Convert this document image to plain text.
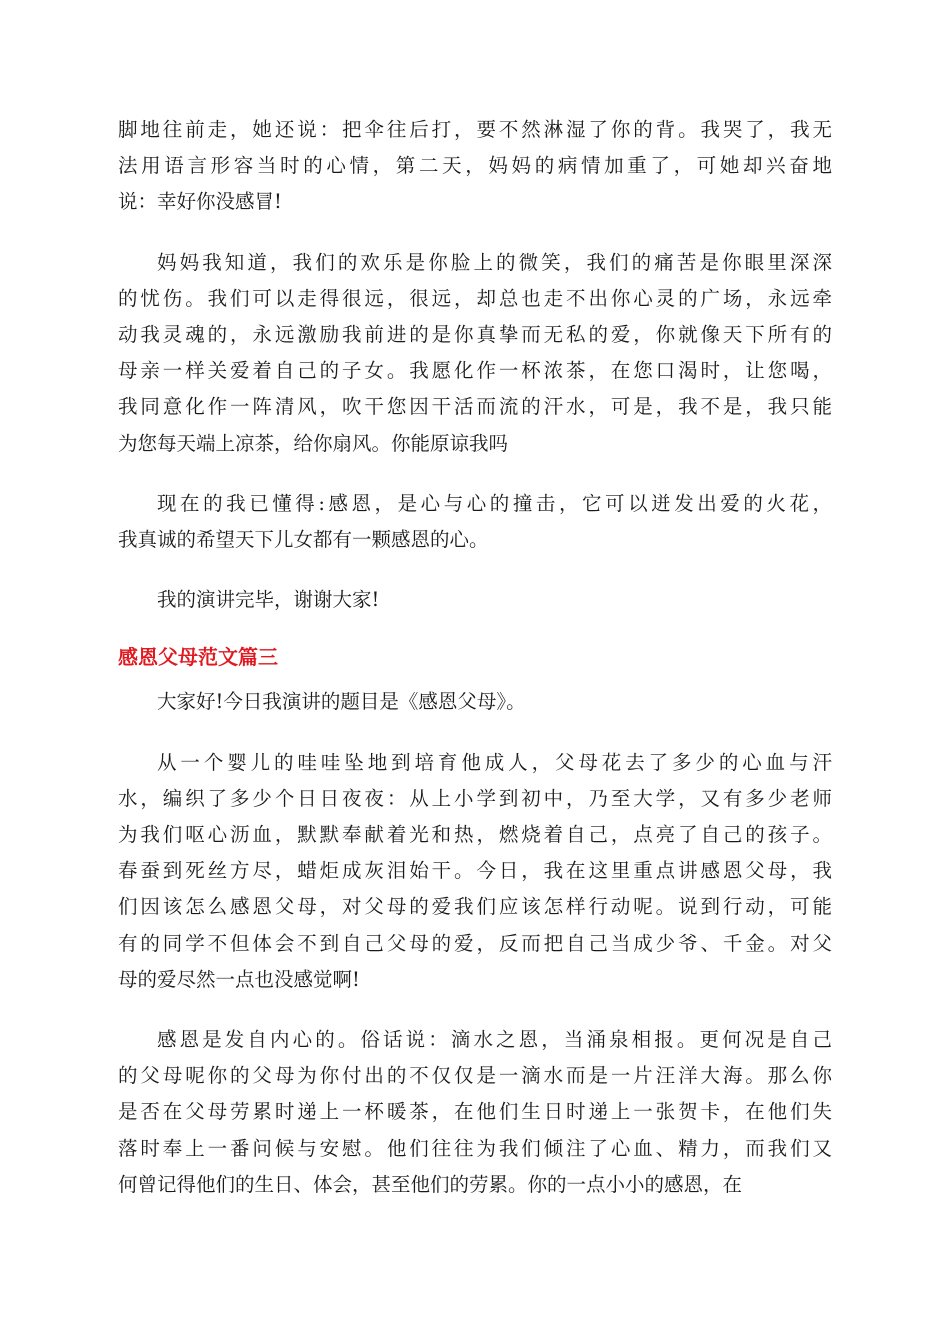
脚地往前走，她还说：把伞往后打，要不然淋湿了你的背。我哭了，我无
法用语言形容当时的心情，第二天，妈妈的病情加重了，可她却兴奋地
说：幸好你没感冒!
妈妈我知道，我们的欢乐是你脸上的微笑，我们的痛苦是你眼里深深
的忧伤。我们可以走得很远，很远，却总也走不出你心灵的广场，永远牵
动我灵魂的，永远激励我前进的是你真挚而无私的爱，你就像天下所有的
母亲一样关爱着自己的子女。我愿化作一杯浓茶，在您口渴时，让您喝，
我同意化作一阵清风，吹干您因干活而流的汗水，可是，我不是，我只能
为您每天端上凉茶，给你扇风。你能原谅我吗
现在的我已懂得:感恩，是心与心的撞击，它可以迸发出爱的火花，
我真诚的希望天下儿女都有一颗感恩的心。
我的演讲完毕，谢谢大家!
感恩父母范文篇三
大家好!今日我演讲的题目是《感恩父母》。
从一个婴儿的哇哇坠地到培育他成人，父母花去了多少的心血与汗
水，编织了多少个日日夜夜：从上小学到初中，乃至大学，又有多少老师
为我们呕心沥血，默默奉献着光和热，燃烧着自己，点亮了自己的孩子。
春蚕到死丝方尽，蜡炬成灰泪始干。今日，我在这里重点讲感恩父母，我
们因该怎么感恩父母，对父母的爱我们应该怎样行动呢。说到行动，可能
有的同学不但体会不到自己父母的爱，反而把自己当成少爷、千金。对父
母的爱尽然一点也没感觉啊!
感恩是发自内心的。俗话说：滴水之恩，当涌泉相报。更何况是自己
的父母呢你的父母为你付出的不仅仅是一滴水而是一片汪洋大海。那么你
是否在父母劳累时递上一杯暖茶，在他们生日时递上一张贺卡，在他们失
落时奉上一番问候与安慰。他们往往为我们倾注了心血、精力，而我们又
何曾记得他们的生日、体会，甚至他们的劳累。你的一点小小的感恩，在
